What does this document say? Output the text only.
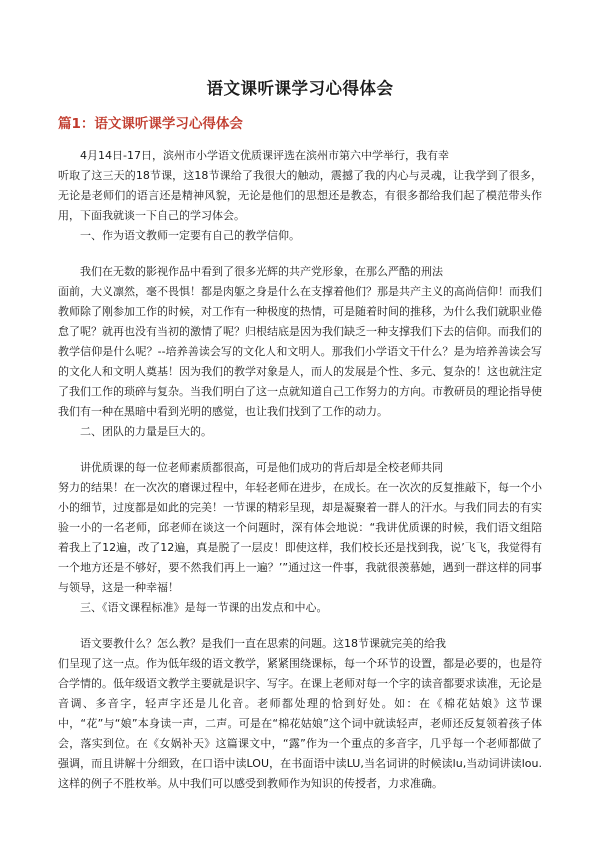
语文课听课学习心得体会
篇1：语文课听课学习心得体会

4月14日-17日，滨州市小学语文优质课评选在滨州市第六中学举行，我有幸
听取了这三天的18节课，这18节课给了我很大的触动，震撼了我的内心与灵魂，让我学到了很多，无论是老师们的语言还是精神风貌，无论是他们的思想还是教态，有很多都给我们起了模范带头作用，下面我就谈一下自己的学习体会。

一、作为语文教师一定要有自己的教学信仰。

我们在无数的影视作品中看到了很多光辉的共产党形象，在那么严酷的刑法
面前，大义凛然，毫不畏惧！都是肉躯之身是什么在支撑着他们？那是共产主义的高尚信仰！而我们教师除了刚参加工作的时候，对工作有一种极度的热情，可是随着时间的推移，为什么我们就职业倦怠了呢？就再也没有当初的激情了呢？归根结底是因为我们缺乏一种支撑我们下去的信仰。而我们的教学信仰是什么呢？--培养善读会写的文化人和文明人。那我们小学语文干什么？是为培养善读会写的文化人和文明人奠基！因为我们的教学对象是人，而人的发展是个性、多元、复杂的！这也就注定了我们工作的琐碎与复杂。当我们明白了这一点就知道自己工作努力的方向。市教研员的理论指导使我们有一种在黑暗中看到光明的感觉，也让我们找到了工作的动力。

二、团队的力量是巨大的。

讲优质课的每一位老师素质都很高，可是他们成功的背后却是全校老师共同
努力的结果！在一次次的磨课过程中，年轻老师在进步，在成长。在一次次的反复推敲下，每一个小小的细节，过度都是如此的完美！一节课的精彩呈现，却是凝聚着一群人的汗水。与我们同去的有实验一小的一名老师，邱老师在谈这一个问题时，深有体会地说：“我讲优质课的时候，我们语文组陪着我上了12遍，改了12遍，真是脱了一层皮！即使这样，我们校长还是找到我，说’飞飞，我觉得有一个地方还是不够好，要不然我们再上一遍？’”通过这一件事，我就很羡慕她，遇到一群这样的同事与领导，这是一种幸福！

三、《语文课程标准》是每一节课的出发点和中心。

语文要教什么？怎么教？是我们一直在思索的问题。这18节课就完美的给我
们呈现了这一点。作为低年级的语文教学，紧紧围绕课标，每一个环节的设置，都是必要的，也是符合学情的。低年级语文教学主要就是识字、写字。在课上老师对每一个字的读音都要求读准，无论是音调、多音字，轻声字还是儿化音。老师都处理的恰到好处。如：在《棉花姑娘》这节课中，“花”与“娘”本身读一声，二声。可是在“棉花姑娘”这个词中就读轻声，老师还反复领着孩子体会，落实到位。在《女娲补天》这篇课文中，“露”作为一个重点的多音字，几乎每一个老师都做了强调，而且讲解十分细致，在口语中读LOU，在书面语中读LU,当名词讲的时候读lu,当动词讲读lou.这样的例子不胜枚举。从中我们可以感受到教师作为知识的传授者，力求准确。
